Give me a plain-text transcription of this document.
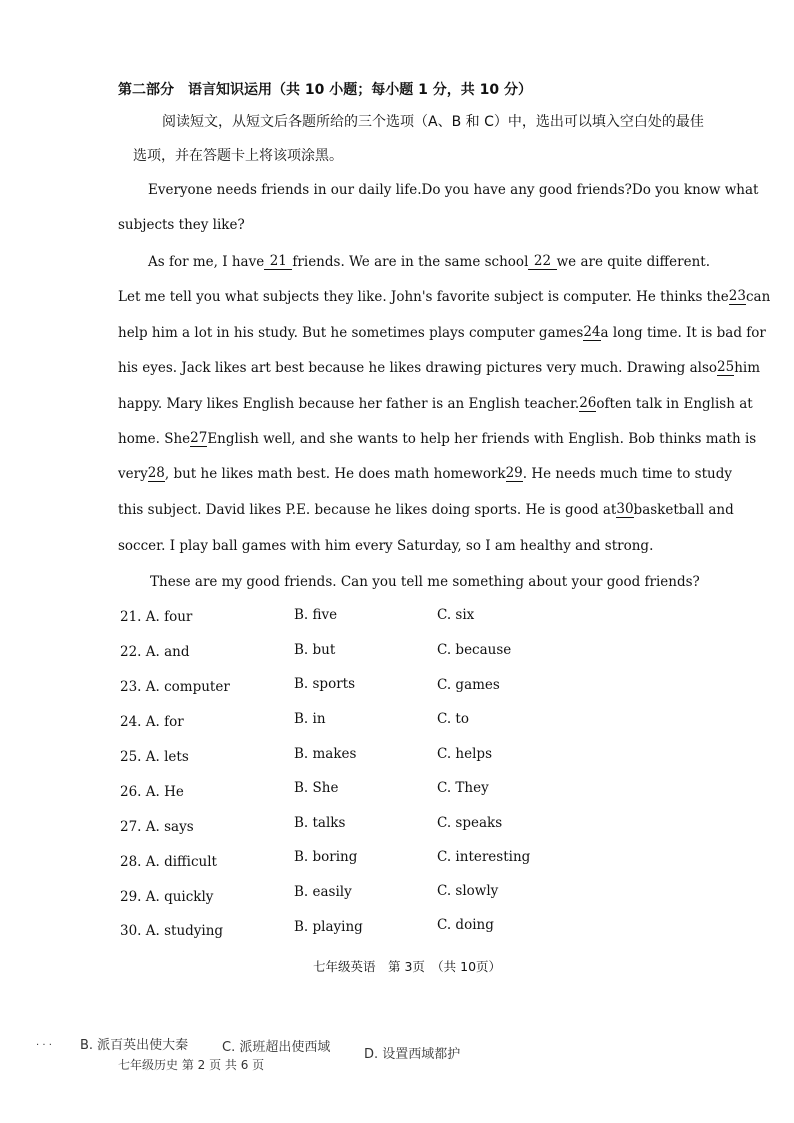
第二部分　语言知识运用（共 10 小题；每小题 1 分，共 10 分）
阅读短文，从短文后各题所给的三个选项（A、B 和 C）中，选出可以填入空白处的最佳
选项，并在答题卡上将该项涂黑。
Everyone needs friends in our daily life. Do you have any good friends? Do you know what
subjects they like?
As for me, I have 21 friends. We are in the same school 22 we are quite different.
Let me tell you what subjects they like. John's favorite subject is computer. He thinks the 23 can
help him a lot in his study. But he sometimes plays computer games 24 a long time. It is bad for
his eyes. Jack likes art best because he likes drawing pictures very much. Drawing also 25 him
happy. Mary likes English because her father is an English teacher. 26 often talk in English at
home. She 27 English well, and she wants to help her friends with English. Bob thinks math is
very 28 , but he likes math best. He does math homework 29 . He needs much time to study
this subject. David likes P.E. because he likes doing sports. He is good at 30 basketball and
soccer. I play ball games with him every Saturday, so I am healthy and strong.
These are my good friends. Can you tell me something about your good friends?
21. A. four	B. five	C. six
22. A. and	B. but	C. because
23. A. computer	B. sports	C. games
24. A. for	B. in	C. to
25. A. lets	B. makes	C. helps
26. A. He	B. She	C. They
27. A. says	B. talks	C. speaks
28. A. difficult	B. boring	C. interesting
29. A. quickly	B. easily	C. slowly
30. A. studying	B. playing	C. doing
七年级英语　第 3页　（共 10页）
. . . B. 派百英出使大秦	C. 派班超出使西域	D. 设置西域都护
七年级历史 第 2 页 共 6 页
